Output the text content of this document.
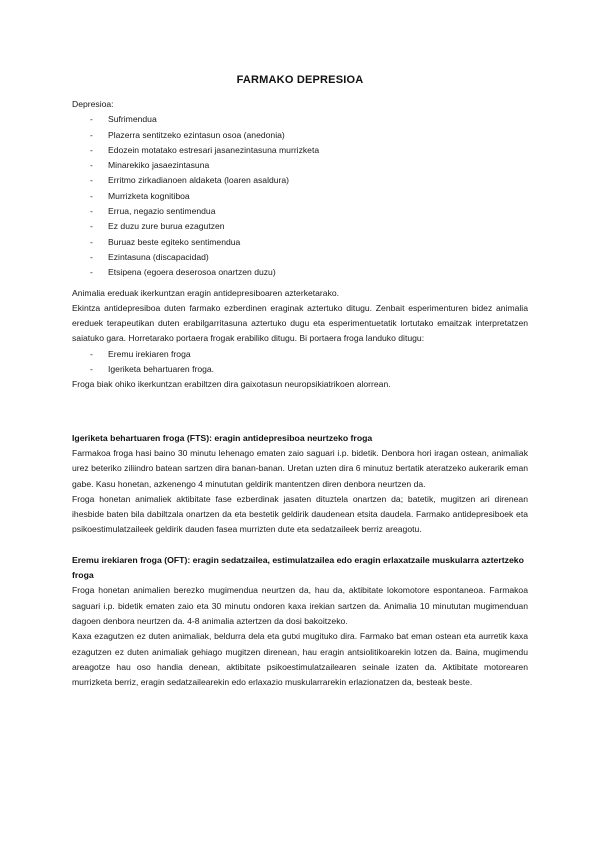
FARMAKO DEPRESIOA

Depresioa:

- Sufrimendua
- Plazerra sentitzeko ezintasun osoa (anedonia)
- Edozein motatako estresari jasanezintasuna murrizketa
- Minarekiko jasaezintasuna
- Erritmo zirkadianoen aldaketa (loaren asaldura)
- Murrizketa kognitiboa
- Errua, negazio sentimendua
- Ez duzu zure burua ezagutzen
- Buruaz beste egiteko sentimendua
- Ezintasuna (discapacidad)
- Etsipena (egoera deserosoa onartzen duzu)

Animalia ereduak ikerkuntzan eragin antidepresiboaren azterketarako.

Ekintza antidepresiboa duten farmako ezberdinen eraginak aztertuko ditugu. Zenbait esperimenturen bidez animalia ereduek terapeutikan duten erabilgarritasuna aztertuko dugu eta esperimentuetatik lortutako emaitzak interpretatzen saiatuko gara. Horretarako portaera frogak erabiliko ditugu. Bi portaera froga landuko ditugu:

- Eremu irekiaren froga
- Igeriketa behartuaren froga.

Froga biak ohiko ikerkuntzan erabiltzen dira gaixotasun neuropsikiatrikoen alorrean.

Igeriketa behartuaren froga (FTS): eragin antidepresiboa neurtzeko froga

Farmakoa froga hasi baino 30 minutu lehenago ematen zaio saguari i.p. bidetik. Denbora hori iragan ostean, animaliak urez beteriko ziliindro batean sartzen dira banan-banan. Uretan uzten dira 6 minutuz bertatik ateratzeko aukerarik eman gabe. Kasu honetan, azkenengo 4 minututan geldirik mantentzen diren denbora neurtzen da.

Froga honetan animaliek aktibitate fase ezberdinak jasaten dituztela onartzen da; batetik, mugitzen ari direnean ihesbide baten bila dabiltzala onartzen da eta bestetik geldirik daudenean etsita daudela. Farmako antidepresiboek eta psikoestimulatzaileek geldirik dauden fasea murrizten dute eta sedatzaileek berriz areagotu.

Eremu irekiaren froga (OFT): eragin sedatzailea, estimulatzailea edo eragin erlaxatzaile muskularra aztertzeko froga

Froga honetan animalien berezko mugimendua neurtzen da, hau da, aktibitate lokomotore espontaneoa. Farmakoa saguari i.p. bidetik ematen zaio eta 30 minutu ondoren kaxa irekian sartzen da. Animalia 10 minututan mugimenduan dagoen denbora neurtzen da. 4-8 animalia aztertzen da dosi bakoitzeko.

Kaxa ezagutzen ez duten animaliak, beldurra dela eta gutxi mugituko dira. Farmako bat eman ostean eta aurretik kaxa ezagutzen ez duten animaliak gehiago mugitzen direnean, hau eragin antsiolitikoarekin lotzen da. Baina, mugimendu areagotze hau oso handia denean, aktibitate psikoestimulatzailearen seinale izaten da. Aktibitate motorearen murrizketa berriz, eragin sedatzailearekin edo erlaxazio muskularrarekin erlazionatzen da, besteak beste.
